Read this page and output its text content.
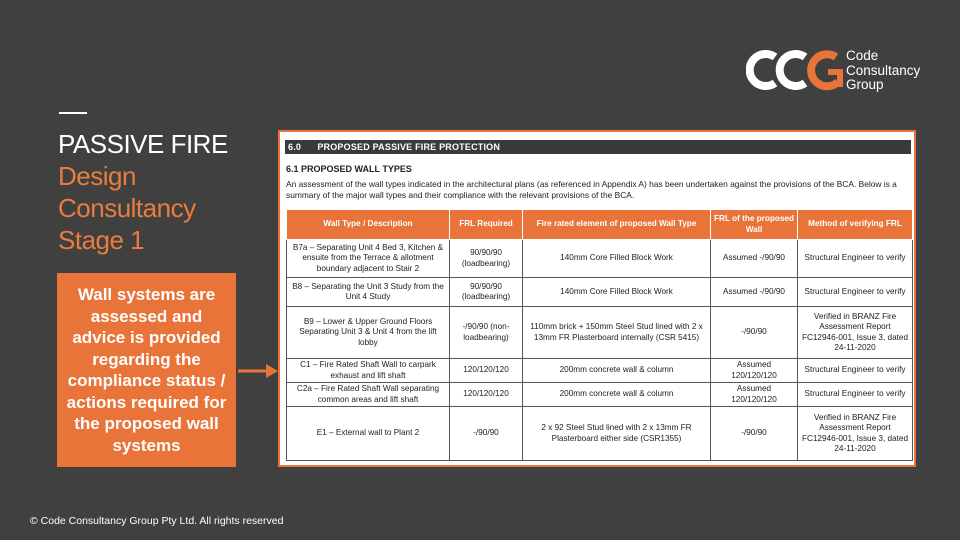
Code
Consultancy
Group
PASSIVE FIRE
Design
Consultancy
Stage 1
Wall systems are assessed and advice is provided regarding the compliance status / actions required for the proposed wall systems
6.0      PROPOSED PASSIVE FIRE PROTECTION
6.1 PROPOSED WALL TYPES
An assessment of the wall types indicated in the architectural plans (as referenced in Appendix A) has been undertaken against the provisions of the BCA. Below is a summary of the major wall types and their compliance with the relevant provisions of the BCA.
Wall Type / Description	FRL Required	Fire rated element of proposed Wall Type	FRL of the proposed Wall	Method of verifying FRL
B7a – Separating Unit 4 Bed 3, Kitchen & ensuite from the Terrace & allotment boundary adjacent to Stair 2	90/90/90 (loadbearing)	140mm Core Filled Block Work	Assumed -/90/90	Structural Engineer to verify
B8 – Separating the Unit 3 Study from the Unit 4 Study	90/90/90 (loadbearing)	140mm Core Filled Block Work	Assumed -/90/90	Structural Engineer to verify
B9 – Lower & Upper Ground Floors Separating Unit 3 & Unit 4 from the lift lobby	-/90/90 (non-loadbearing)	110mm brick + 150mm Steel Stud lined with 2 x 13mm FR Plasterboard internally (CSR 5415)	-/90/90	Verified in BRANZ Fire Assessment Report FC12946-001, Issue 3, dated 24-11-2020
C1 – Fire Rated Shaft Wall to carpark exhaust and lift shaft	120/120/120	200mm concrete wall & column	Assumed 120/120/120	Structural Engineer to verify
C2a – Fire Rated Shaft Wall separating common areas and lift shaft	120/120/120	200mm concrete wall & column	Assumed 120/120/120	Structural Engineer to verify
E1 – External wall to Plant 2	-/90/90	2 x 92 Steel Stud lined with 2 x 13mm FR Plasterboard either side (CSR1355)	-/90/90	Verified in BRANZ Fire Assessment Report FC12946-001, Issue 3, dated 24-11-2020
© Code Consultancy Group Pty Ltd. All rights reserved
